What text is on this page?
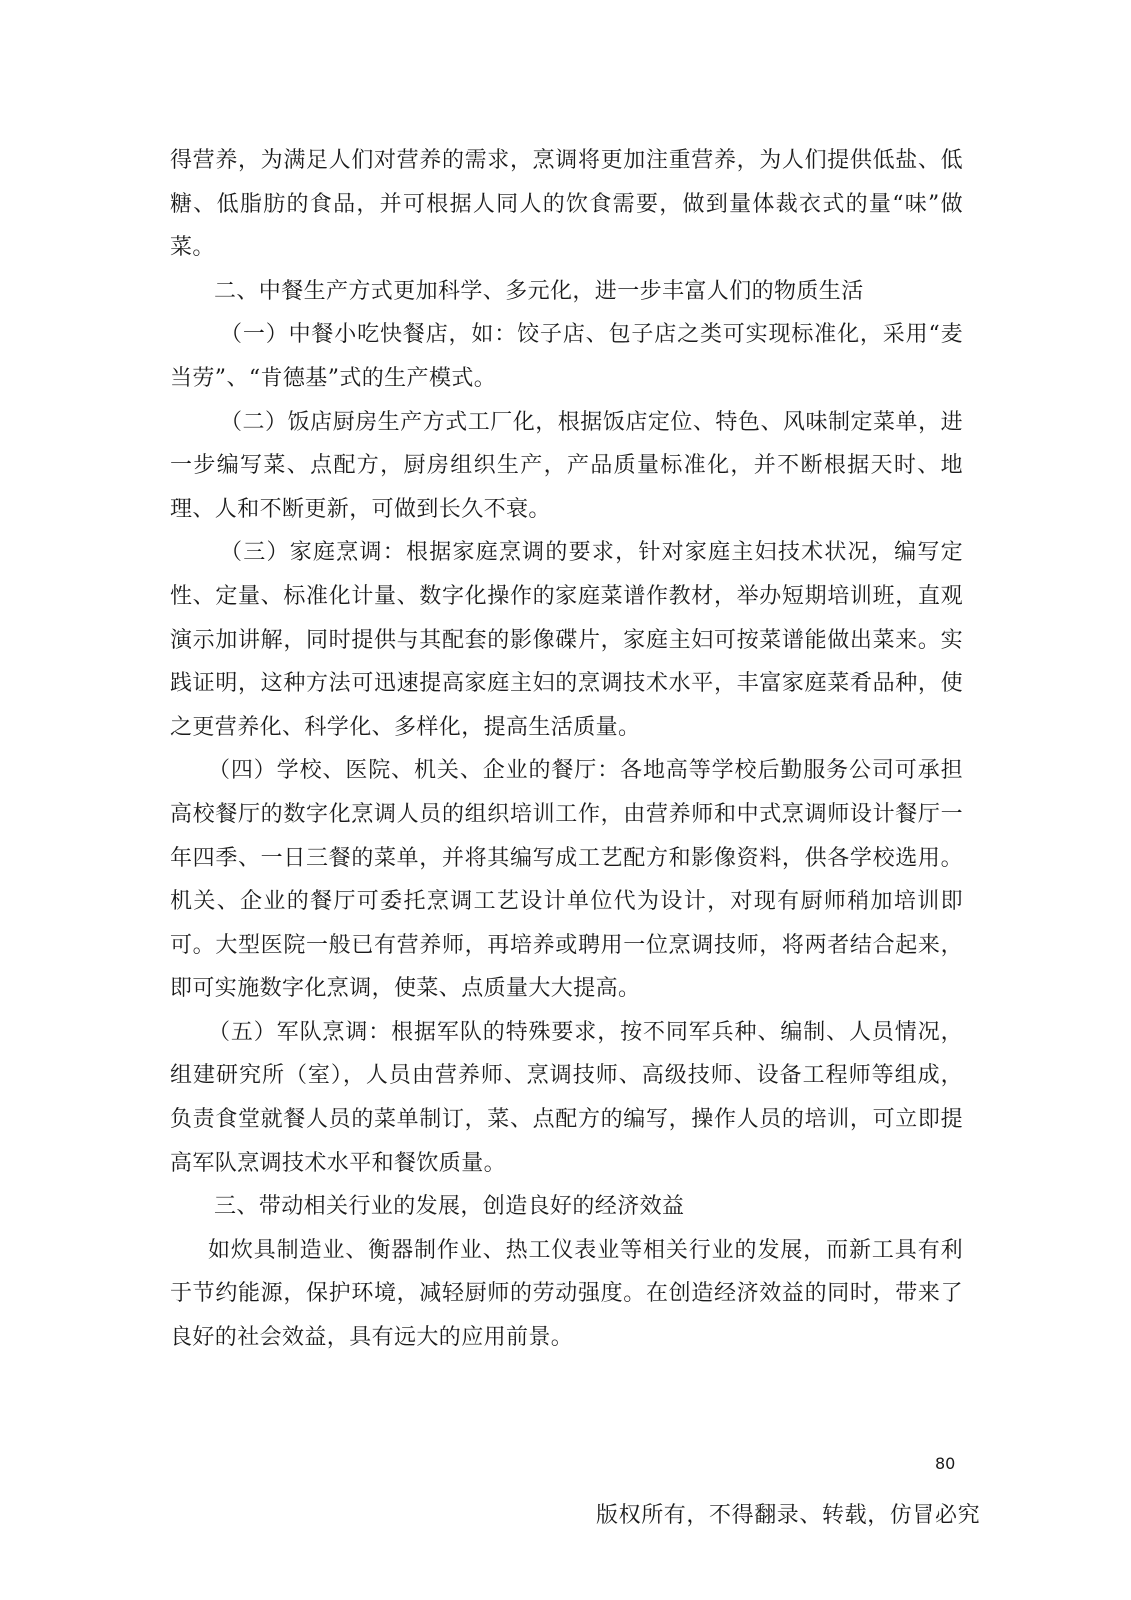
得营养，为满足人们对营养的需求，烹调将更加注重营养，为人们提供低盐、低糖、低脂肪的食品，并可根据人同人的饮食需要，做到量体裁衣式的量“味”做菜。

二、中餐生产方式更加科学、多元化，进一步丰富人们的物质生活

（一）中餐小吃快餐店，如：饺子店、包子店之类可实现标准化，采用“麦当劳”、“肯德基”式的生产模式。

（二）饭店厨房生产方式工厂化，根据饭店定位、特色、风味制定菜单，进一步编写菜、点配方，厨房组织生产，产品质量标准化，并不断根据天时、地理、人和不断更新，可做到长久不衰。

（三）家庭烹调：根据家庭烹调的要求，针对家庭主妇技术状况，编写定性、定量、标准化计量、数字化操作的家庭菜谱作教材，举办短期培训班，直观演示加讲解，同时提供与其配套的影像碟片，家庭主妇可按菜谱能做出菜来。实践证明，这种方法可迅速提高家庭主妇的烹调技术水平，丰富家庭菜肴品种，使之更营养化、科学化、多样化，提高生活质量。

（四）学校、医院、机关、企业的餐厅：各地高等学校后勤服务公司可承担高校餐厅的数字化烹调人员的组织培训工作，由营养师和中式烹调师设计餐厅一年四季、一日三餐的菜单，并将其编写成工艺配方和影像资料，供各学校选用。机关、企业的餐厅可委托烹调工艺设计单位代为设计，对现有厨师稍加培训即可。大型医院一般已有营养师，再培养或聘用一位烹调技师，将两者结合起来，即可实施数字化烹调，使菜、点质量大大提高。

（五）军队烹调：根据军队的特殊要求，按不同军兵种、编制、人员情况，组建研究所（室），人员由营养师、烹调技师、高级技师、设备工程师等组成，负责食堂就餐人员的菜单制订，菜、点配方的编写，操作人员的培训，可立即提高军队烹调技术水平和餐饮质量。

三、带动相关行业的发展，创造良好的经济效益

如炊具制造业、衡器制作业、热工仪表业等相关行业的发展，而新工具有利于节约能源，保护环境，减轻厨师的劳动强度。在创造经济效益的同时，带来了良好的社会效益，具有远大的应用前景。

80
版权所有，不得翻录、转载，仿冒必究
